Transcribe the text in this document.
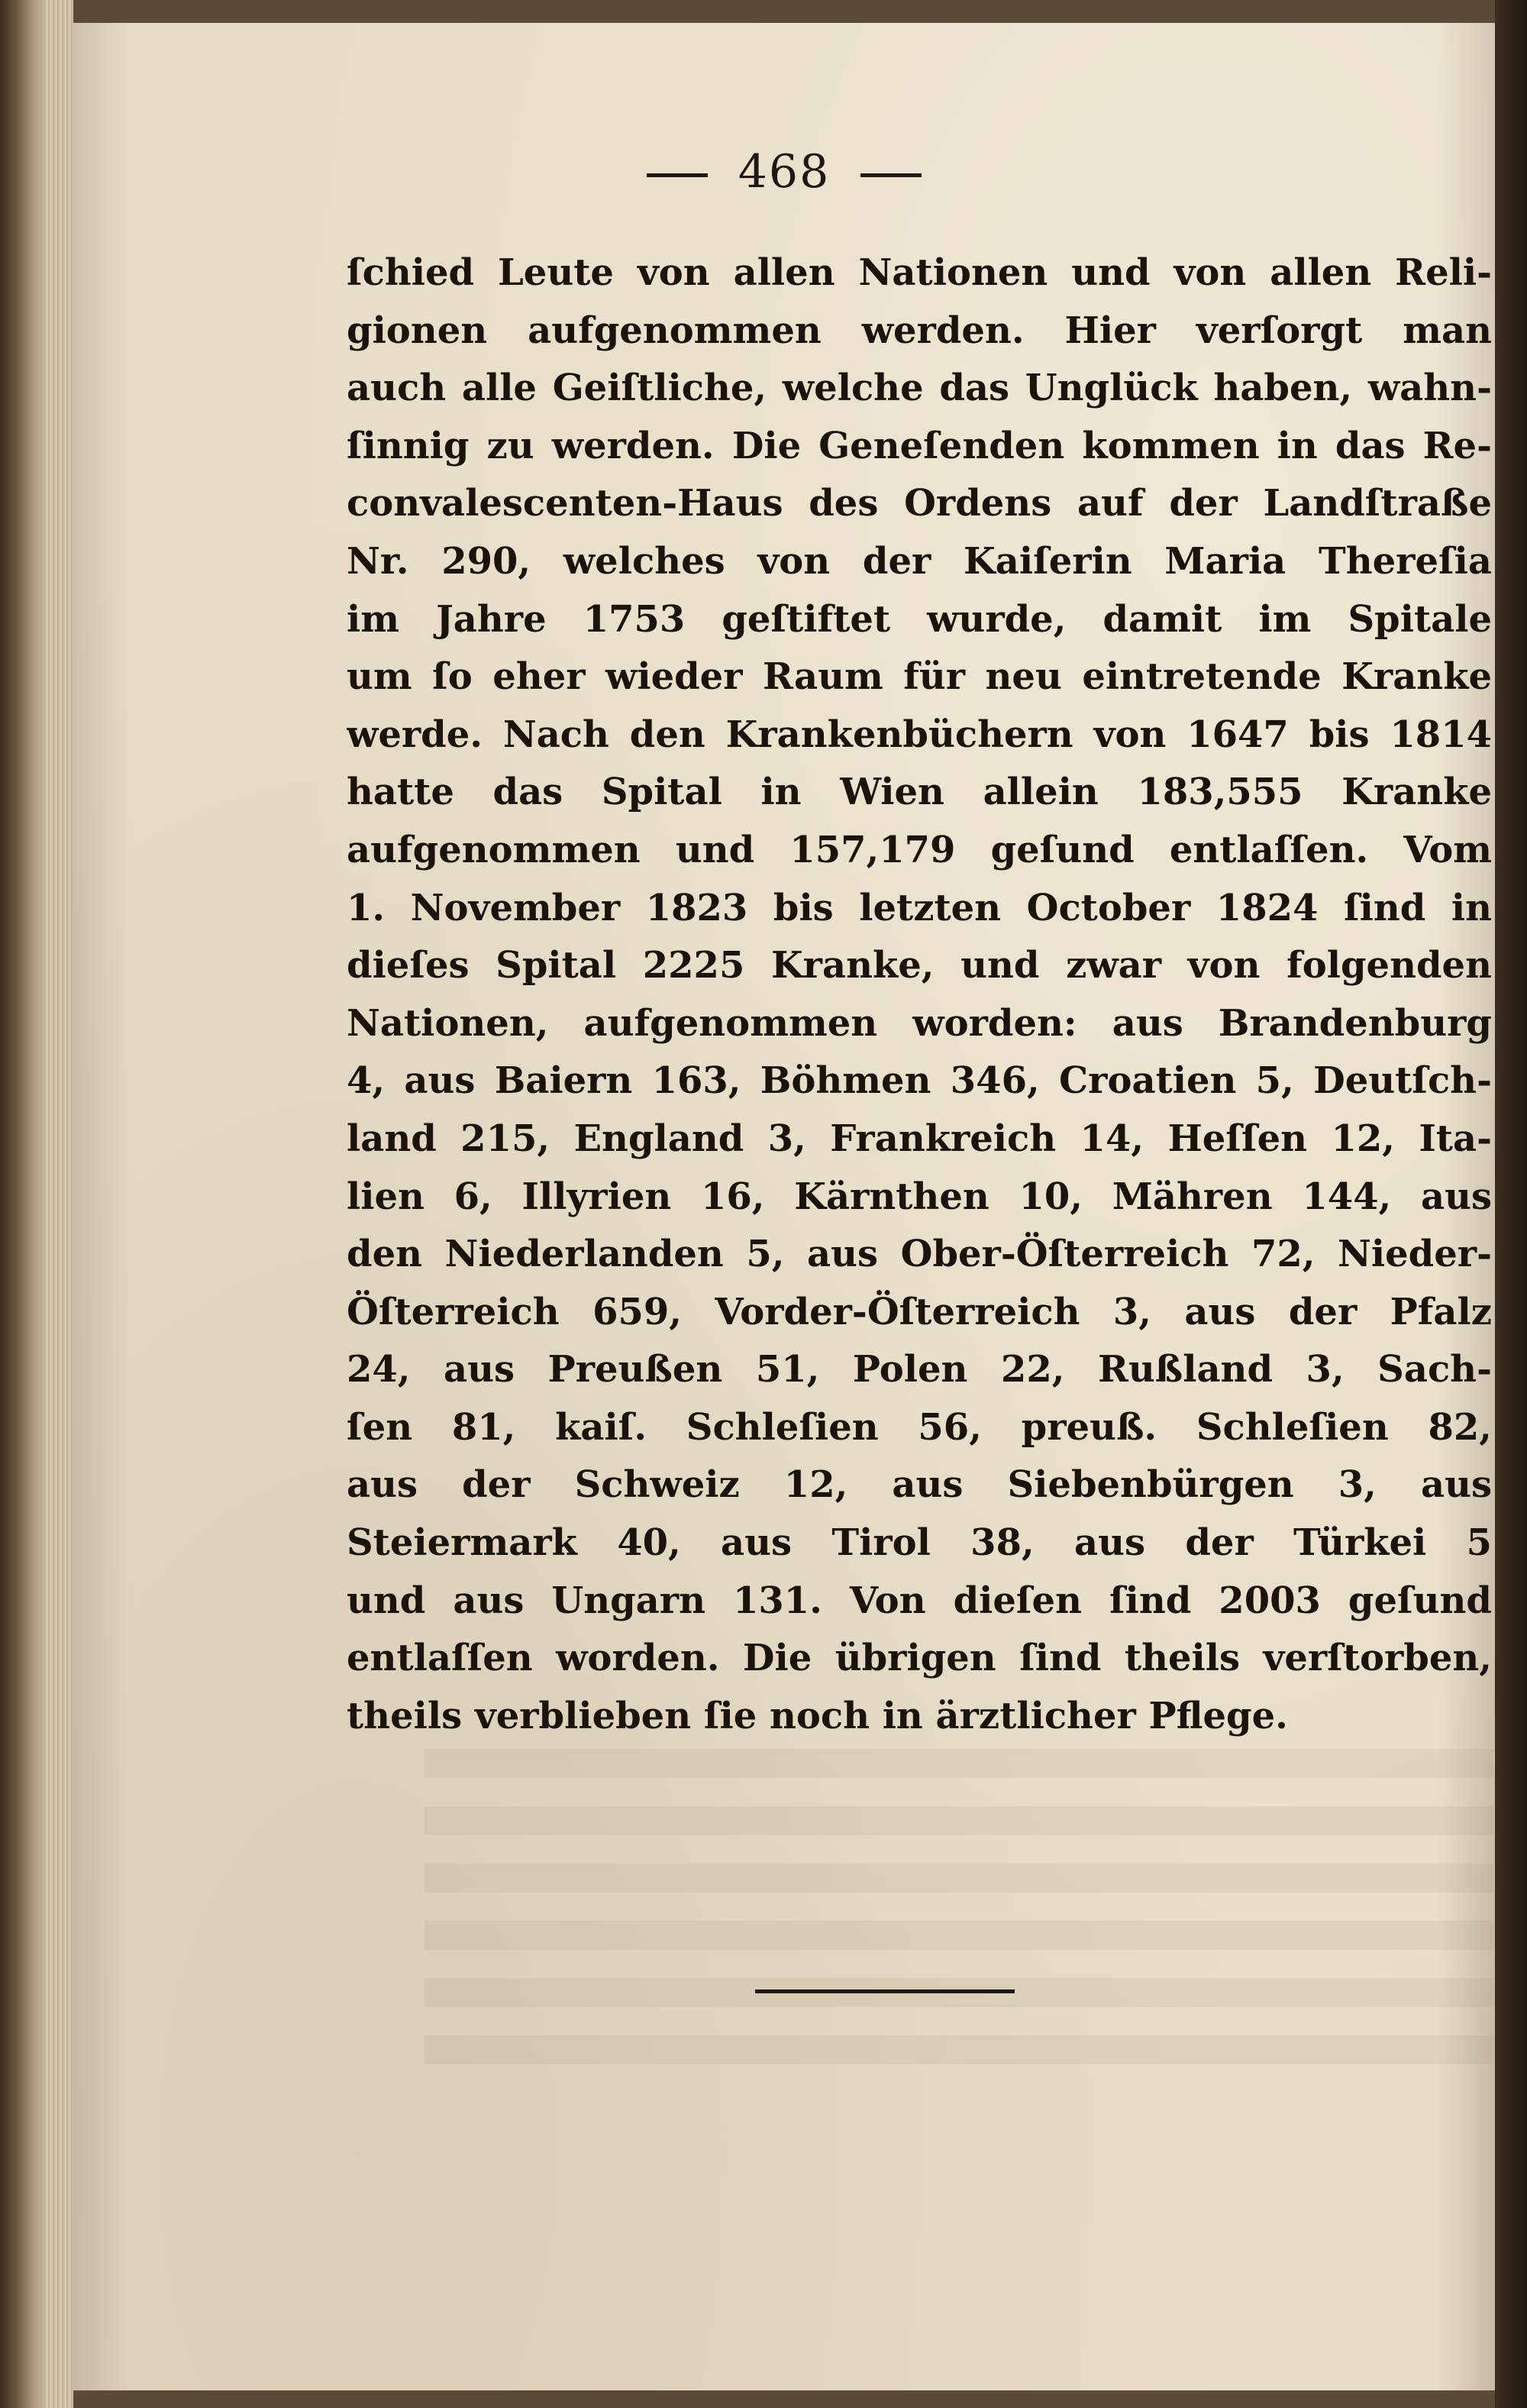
468
ſchied Leute von allen Nationen und von allen Reli-
gionen aufgenommen werden. Hier verſorgt man
auch alle Geiſtliche, welche das Unglück haben, wahn-
ſinnig zu werden. Die Geneſenden kommen in das Re-
convalescenten-Haus des Ordens auf der Landſtraße
Nr. 290, welches von der Kaiſerin Maria Thereſia
im Jahre 1753 geſtiftet wurde, damit im Spitale
um ſo eher wieder Raum für neu eintretende Kranke
werde. Nach den Krankenbüchern von 1647 bis 1814
hatte das Spital in Wien allein 183,555 Kranke
aufgenommen und 157,179 geſund entlaſſen. Vom
1. November 1823 bis letzten October 1824 ſind in
dieſes Spital 2225 Kranke, und zwar von folgenden
Nationen, aufgenommen worden: aus Brandenburg
4, aus Baiern 163, Böhmen 346, Croatien 5, Deutſch-
land 215, England 3, Frankreich 14, Heſſen 12, Ita-
lien 6, Illyrien 16, Kärnthen 10, Mähren 144, aus
den Niederlanden 5, aus Ober-Öſterreich 72, Nieder-
Öſterreich 659, Vorder-Öſterreich 3, aus der Pfalz
24, aus Preußen 51, Polen 22, Rußland 3, Sach-
ſen 81, kaiſ. Schleſien 56, preuß. Schleſien 82,
aus der Schweiz 12, aus Siebenbürgen 3, aus
Steiermark 40, aus Tirol 38, aus der Türkei 5
und aus Ungarn 131. Von dieſen ſind 2003 geſund
entlaſſen worden. Die übrigen ſind theils verſtorben,
theils verblieben ſie noch in ärztlicher Pflege.
